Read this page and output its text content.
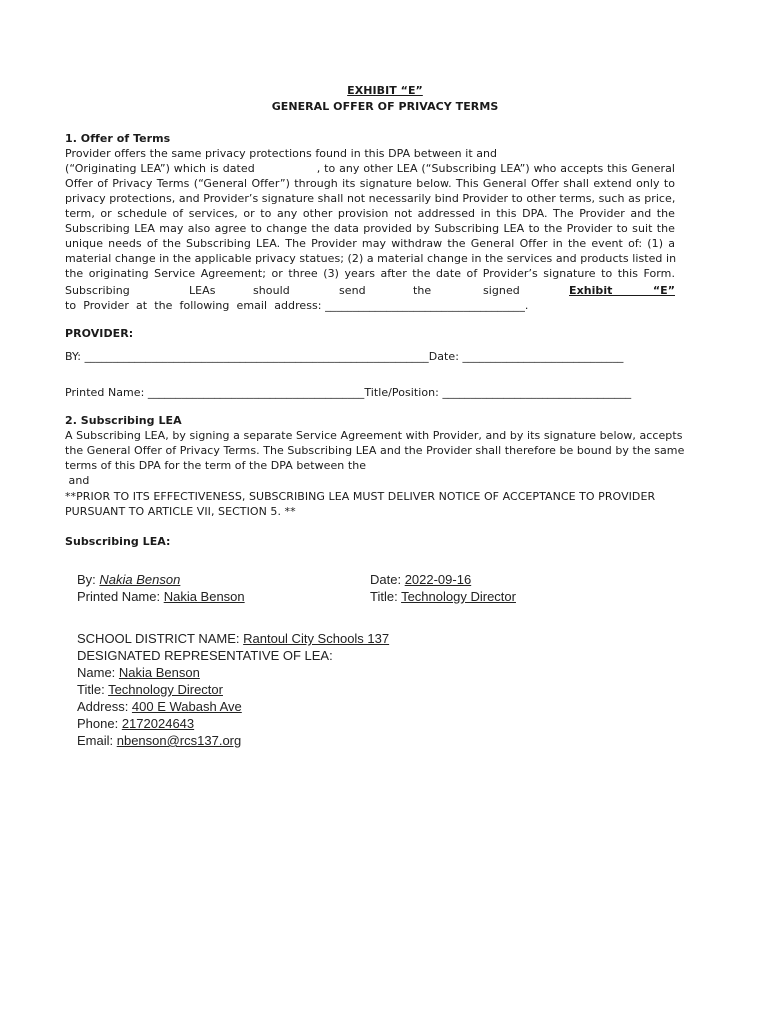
EXHIBIT “E”
GENERAL OFFER OF PRIVACY TERMS
1. Offer of Terms
Provider offers the same privacy protections found in this DPA between it and
(“Originating LEA”) which is dated                , to any other LEA (“Subscribing LEA”) who accepts this General
Offer of Privacy Terms (“General Offer”) through its signature below. This General Offer shall extend only to
privacy protections, and Provider’s signature shall not necessarily bind Provider to other terms, such as price,
term, or schedule of services, or to any other provision not addressed in this DPA. The Provider and the
Subscribing LEA may also agree to change the data provided by Subscribing LEA to the Provider to suit the
unique needs of the Subscribing LEA. The Provider may withdraw the General Offer in the event of: (1) a
material change in the applicable privacy statues; (2) a material change in the services and products listed in
the originating Service Agreement; or three (3) years after the date of Provider’s signature to this Form.
Subscribing	LEAs	should	send	the	signed	Exhibit “E”
to  Provider  at  the  following  email  address: ____________________________________.
PROVIDER:
BY: ______________________________________________________________Date: _____________________________
Printed Name: _______________________________________Title/Position: __________________________________
2. Subscribing LEA
A Subscribing LEA, by signing a separate Service Agreement with Provider, and by its signature below, accepts
the General Offer of Privacy Terms. The Subscribing LEA and the Provider shall therefore be bound by the same
terms of this DPA for the term of the DPA between the
and
**PRIOR TO ITS EFFECTIVENESS, SUBSCRIBING LEA MUST DELIVER NOTICE OF ACCEPTANCE TO PROVIDER
PURSUANT TO ARTICLE VII, SECTION 5. **
Subscribing LEA:
By: Nakia Benson	Date: 2022-09-16
Printed Name: Nakia Benson	Title: Technology Director
SCHOOL DISTRICT NAME: Rantoul City Schools 137
DESIGNATED REPRESENTATIVE OF LEA:
Name: Nakia Benson
Title: Technology Director
Address: 400 E Wabash Ave
Phone: 2172024643
Email: nbenson@rcs137.org
